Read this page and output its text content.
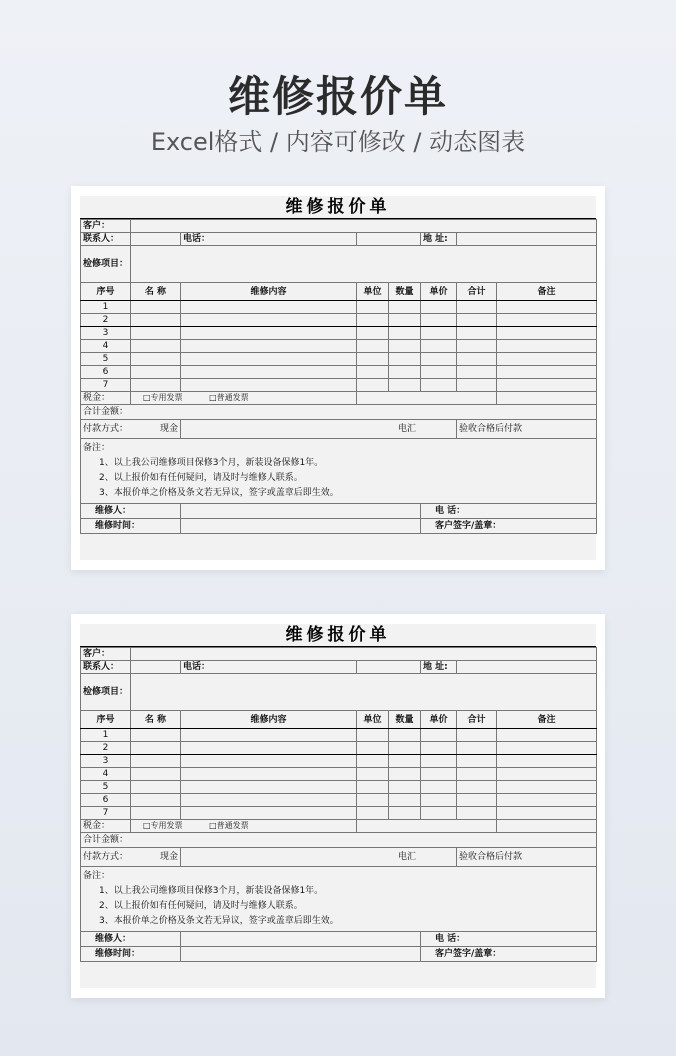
维修报价单
Excel格式 / 内容可修改 / 动态图表
维修报价单
客户：							
联系人：		电话：			地 址:		
检修项目：							
序号	名 称	维修内容	单位	数量	单价	合计	备注
1							
2							
3							
4							
5							
6							
7							
税金：	□专用发票 □普通发票						
合计金额：							
付款方式： 现金		电汇				验收合格后付款	

备注：
1、以上我公司维修项目保修3个月，新装设备保修1年。
2、以上报价如有任何疑问，请及时与维修人联系。
3、本报价单之价格及条文若无异议，签字或盖章后即生效。							

维修人：					电 话：		
维修时间：					客户签字/盖章：		
维修报价单
客户：							
联系人：		电话：			地 址:		
检修项目：							
序号	名 称	维修内容	单位	数量	单价	合计	备注
1							
2							
3							
4							
5							
6							
7							
税金：	□专用发票 □普通发票						
合计金额：							
付款方式： 现金		电汇				验收合格后付款	

备注：
1、以上我公司维修项目保修3个月，新装设备保修1年。
2、以上报价如有任何疑问，请及时与维修人联系。
3、本报价单之价格及条文若无异议，签字或盖章后即生效。							

维修人：					电 话：		
维修时间：					客户签字/盖章：		
